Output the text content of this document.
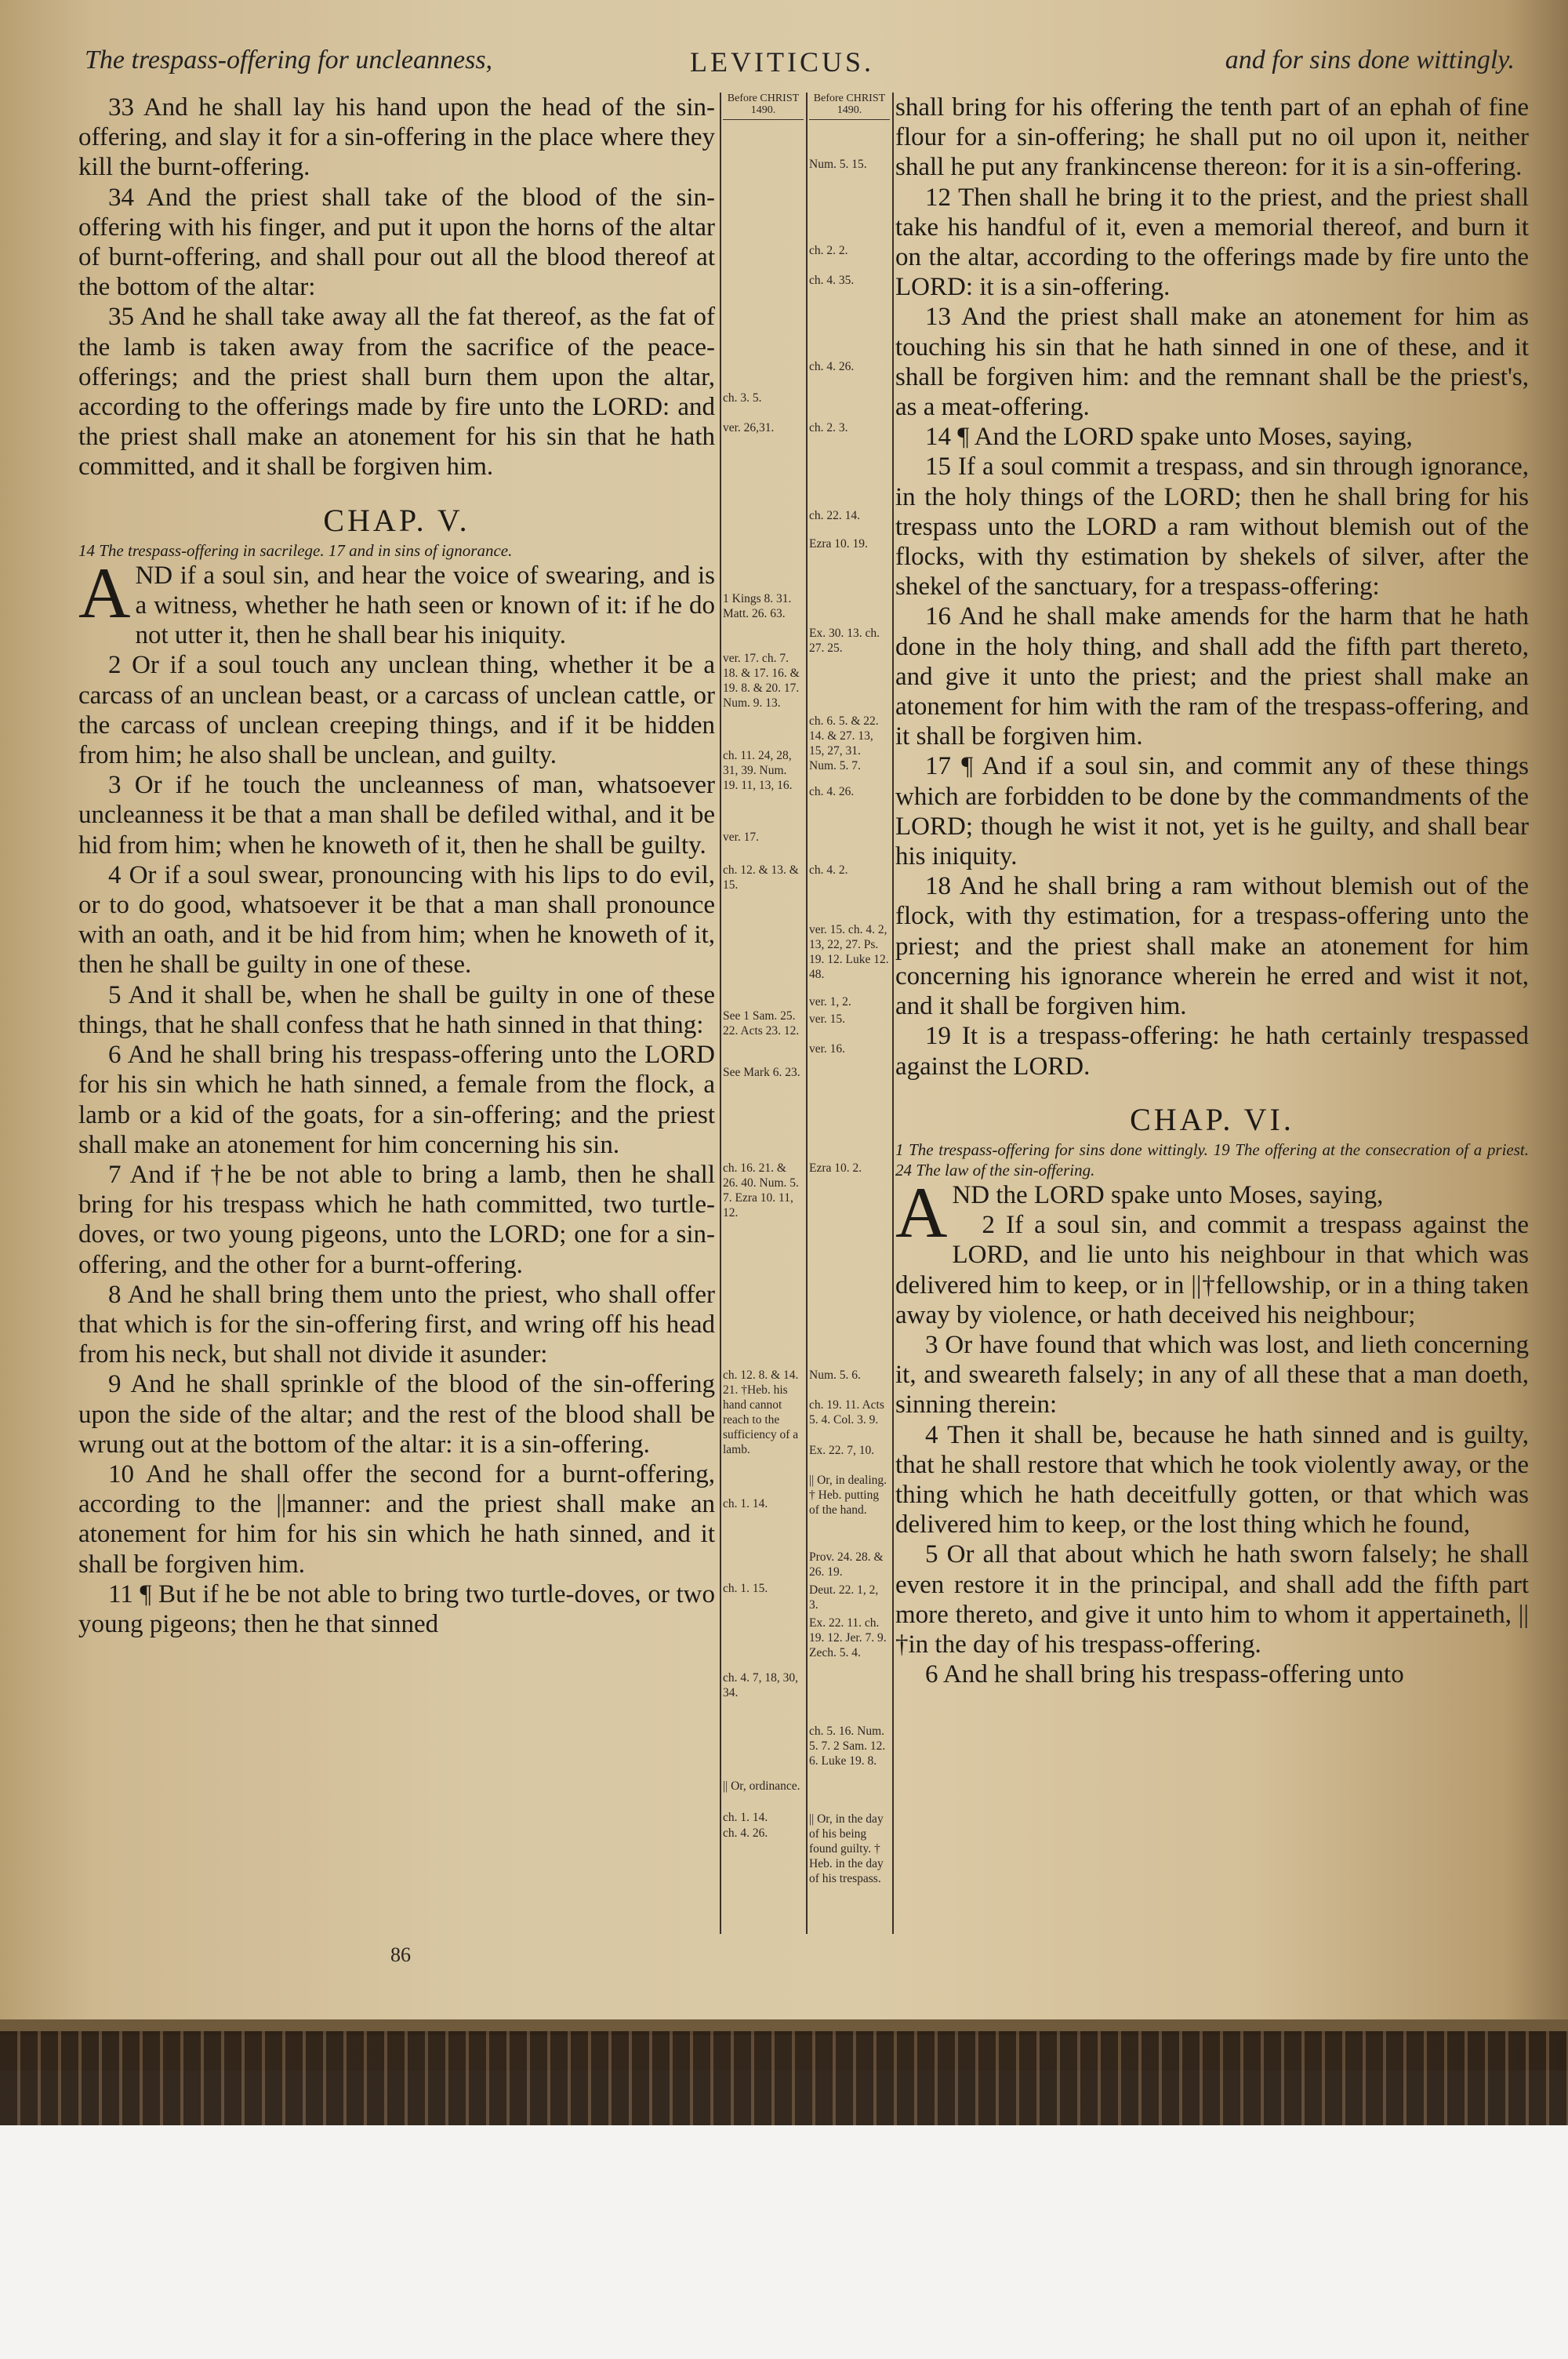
The trespass-offering for uncleanness,	LEVITICUS.	and for sins done wittingly.

33 And he shall lay his hand upon the head of the sin-offering, and slay it for a sin-offering in the place where they kill the burnt-offering.

34 And the priest shall take of the blood of the sin-offering with his finger, and put it upon the horns of the altar of burnt-offering, and shall pour out all the blood thereof at the bottom of the altar:

35 And he shall take away all the fat thereof, as the fat of the lamb is taken away from the sacrifice of the peace-offerings; and the priest shall burn them upon the altar, according to the offerings made by fire unto the LORD: and the priest shall make an atonement for his sin that he hath committed, and it shall be forgiven him.

CHAP. V.

14 The trespass-offering in sacrilege. 17 and in sins of ignorance.

AND if a soul sin, and hear the voice of swearing, and is a witness, whether he hath seen or known of it: if he do not utter it, then he shall bear his iniquity.

2 Or if a soul touch any unclean thing, whether it be a carcass of an unclean beast, or a carcass of unclean cattle, or the carcass of unclean creeping things, and if it be hidden from him; he also shall be unclean, and guilty.

3 Or if he touch the uncleanness of man, whatsoever uncleanness it be that a man shall be defiled withal, and it be hid from him; when he knoweth of it, then he shall be guilty.

4 Or if a soul swear, pronouncing with his lips to do evil, or to do good, whatsoever it be that a man shall pronounce with an oath, and it be hid from him; when he knoweth of it, then he shall be guilty in one of these.

5 And it shall be, when he shall be guilty in one of these things, that he shall confess that he hath sinned in that thing:

6 And he shall bring his trespass-offering unto the LORD for his sin which he hath sinned, a female from the flock, a lamb or a kid of the goats, for a sin-offering; and the priest shall make an atonement for him concerning his sin.

7 And if †he be not able to bring a lamb, then he shall bring for his trespass which he hath committed, two turtle-doves, or two young pigeons, unto the LORD; one for a sin-offering, and the other for a burnt-offering.

8 And he shall bring them unto the priest, who shall offer that which is for the sin-offering first, and wring off his head from his neck, but shall not divide it asunder:

9 And he shall sprinkle of the blood of the sin-offering upon the side of the altar; and the rest of the blood shall be wrung out at the bottom of the altar: it is a sin-offering.

10 And he shall offer the second for a burnt-offering, according to the ||manner: and the priest shall make an atonement for him for his sin which he hath sinned, and it shall be forgiven him.

11 ¶ But if he be not able to bring two turtle-doves, or two young pigeons; then he that sinned

Before CHRIST 1490.
ch. 3. 5.
ver. 26,31.
1 Kings 8. 31. Matt. 26. 63.
ver. 17. ch. 7. 18. & 17. 16. & 19. 8. & 20. 17. Num. 9. 13.
ch. 11. 24, 28, 31, 39. Num. 19. 11, 13, 16.
ver. 17.
ch. 12. & 13. & 15.
See 1 Sam. 25. 22. Acts 23. 12.
See Mark 6. 23.
ch. 16. 21. & 26. 40. Num. 5. 7. Ezra 10. 11, 12.
ch. 12. 8. & 14. 21. †Heb. his hand cannot reach to the sufficiency of a lamb.
ch. 1. 14.
ch. 1. 15.
ch. 4. 7, 18, 30, 34.
|| Or, ordinance.
ch. 1. 14.
ch. 4. 26.
Before CHRIST 1490.
Num. 5. 15.
ch. 2. 2.
ch. 4. 35.
ch. 4. 26.
ch. 2. 3.
ch. 22. 14.
Ezra 10. 19.
Ex. 30. 13. ch. 27. 25.
ch. 6. 5. & 22. 14. & 27. 13, 15, 27, 31. Num. 5. 7.
ch. 4. 26.
ch. 4. 2.
ver. 15. ch. 4. 2, 13, 22, 27. Ps. 19. 12. Luke 12. 48.
ver. 1, 2.
ver. 15.
ver. 16.
Ezra 10. 2.
Num. 5. 6.
ch. 19. 11. Acts 5. 4. Col. 3. 9.
Ex. 22. 7, 10.
|| Or, in dealing. † Heb. putting of the hand.
Prov. 24. 28. & 26. 19.
Deut. 22. 1, 2, 3.
Ex. 22. 11. ch. 19. 12. Jer. 7. 9. Zech. 5. 4.
ch. 5. 16. Num. 5. 7. 2 Sam. 12. 6. Luke 19. 8.
|| Or, in the day of his being found guilty. † Heb. in the day of his trespass.

shall bring for his offering the tenth part of an ephah of fine flour for a sin-offering; he shall put no oil upon it, neither shall he put any frankincense thereon: for it is a sin-offering.

12 Then shall he bring it to the priest, and the priest shall take his handful of it, even a memorial thereof, and burn it on the altar, according to the offerings made by fire unto the LORD: it is a sin-offering.

13 And the priest shall make an atonement for him as touching his sin that he hath sinned in one of these, and it shall be forgiven him: and the remnant shall be the priest's, as a meat-offering.

14 ¶ And the LORD spake unto Moses, saying,

15 If a soul commit a trespass, and sin through ignorance, in the holy things of the LORD; then he shall bring for his trespass unto the LORD a ram without blemish out of the flocks, with thy estimation by shekels of silver, after the shekel of the sanctuary, for a trespass-offering:

16 And he shall make amends for the harm that he hath done in the holy thing, and shall add the fifth part thereto, and give it unto the priest; and the priest shall make an atonement for him with the ram of the trespass-offering, and it shall be forgiven him.

17 ¶ And if a soul sin, and commit any of these things which are forbidden to be done by the commandments of the LORD; though he wist it not, yet is he guilty, and shall bear his iniquity.

18 And he shall bring a ram without blemish out of the flock, with thy estimation, for a trespass-offering unto the priest; and the priest shall make an atonement for him concerning his ignorance wherein he erred and wist it not, and it shall be forgiven him.

19 It is a trespass-offering: he hath certainly trespassed against the LORD.

CHAP. VI.

1 The trespass-offering for sins done wittingly. 19 The offering at the consecration of a priest. 24 The law of the sin-offering.

AND the LORD spake unto Moses, saying,

2 If a soul sin, and commit a trespass against the LORD, and lie unto his neighbour in that which was delivered him to keep, or in ||†fellowship, or in a thing taken away by violence, or hath deceived his neighbour;

3 Or have found that which was lost, and lieth concerning it, and sweareth falsely; in any of all these that a man doeth, sinning therein:

4 Then it shall be, because he hath sinned and is guilty, that he shall restore that which he took violently away, or the thing which he hath deceitfully gotten, or that which was delivered him to keep, or the lost thing which he found,

5 Or all that about which he hath sworn falsely; he shall even restore it in the principal, and shall add the fifth part more thereto, and give it unto him to whom it appertaineth, ||†in the day of his trespass-offering.

6 And he shall bring his trespass-offering unto

86
